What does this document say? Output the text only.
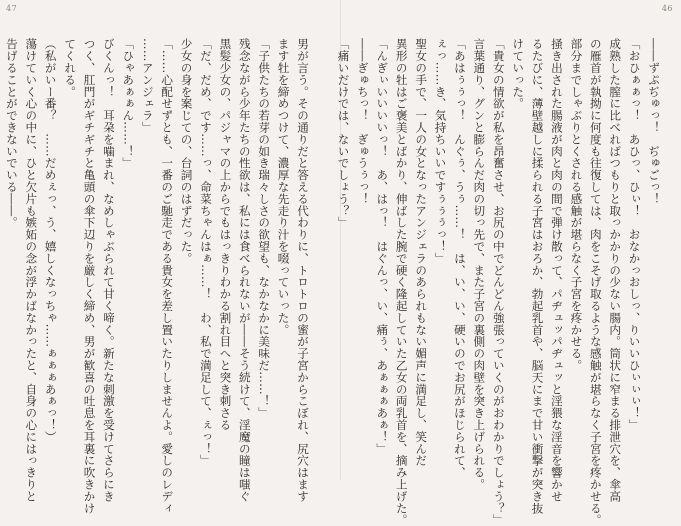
47
男が言う。その通りだと答える代わりに、トロトロの蜜が子宮からこぼれ、尻穴はます
ます牡を締めつけて、濃厚な先走り汁を啜っていった。
「子供たちの若芽の如き瑞々しさの欲望も、なかなかに美味だ……！」
残念ながら少年たちの性欲は、私には食べられないが――そう続けて、淫魔の瞳は嗤ぐ
黒髪少女の、パジャマの上からでもはっきりわかる割れ目へと突き刺さる
「だ、だめ、です……っ、命菜ちゃんはぁ……！　わ、私で満足して、ぇっ！」
少女の身を案じての、台詞のはずだった。
「……心配せずとも、一番のご馳走である貴女を差し置いたりしませんよ。愛しのレディ
……アンジェラ」
「ひゃあぁぁん……！」
びくんっ！　耳朶を噛まれ、なめしゃぶられて甘く啼く。新たな刺激を受けてさらにき
つく、肛門がギチギチと亀頭の傘下辺りを厳しく締め、男が歓喜の吐息を耳裏に吹きかけ
てくれる。
（私がいー番？　……だめぇっ、う、嬉しくなっちゃ……ぁぁぁあぁっ！）
蕩けていく心の中に、ひと欠片も嫉妬の念が浮かばなかったと、自身の心にはっきりと
告げることができないでいる――。
46
――ずぷぢゅっ！　ぢゅごっ！
「おひぁぁっ！　あひっ、ひぃ！　おなかっおしっ、りいいひぃぃぃ！」
成熟した膣に比べればつもりと取っかかりの少ない腸内。筒状に窄まる排泄穴を、傘高
の雁首が執拗に何度も往復しては、肉をこそげ取るような感触が堪らなく子宮を疼かせる。
部分までしゃぶりとくされる感触が堪らなく子宮を疼かせる。
掻き出された腸液が肉と肉の間で弾け散って、パヂュッパヂュッと淫猥な淫音を響かせ
るたびに、薄壁越しに揉られる子宮はおろか、勃起乳首や、脳天にまで甘い衝撃が突き抜
けていった。
「貴女の情欲が私を昂奮させ、お尻の中でどんどん強張っていくのがおわかりでしょう？」
言葉通り、グンと膨らんだ肉の切っ先で、また子宮の裏側の肉壁を突き上げられる。
「あはぅぅっ！　んぐぅ、うぅ……！　は、い、い、硬いのでお尻がほじられて、
ぇっ……き、気持ちいいですぅぅぅっ！」
聖女の手で、一人の女となったアンジェラのあられもない媚声に満足し、笑んだ
異形の牡はご褒美とばかり、伸ばした腕で硬く隆起していた乙女の両乳首を、摘み上げた。
「んぎぃいいいいっ！　あ、はっ！　はぐんっ、い、痛ぅ、あぁぁぁあぁ！」
――ぎゅちっ！　ぎゅうぅっ！
「痛いだけでは、ないでしょう？」
